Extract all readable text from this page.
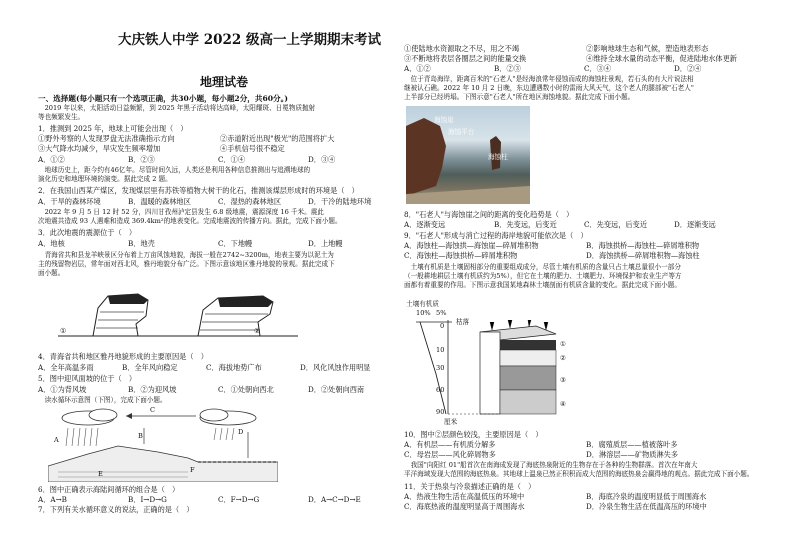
大庆铁人中学 2022 级高一上学期期末考试
地理试卷
一、选择题(每小题只有一个选项正确，共30小题，每小题2分，共60分。)
　2019 年以来，太阳活动日益频繁，到 2025 年黑子活动将达高峰，太阳耀斑、日冕物质抛射
等也频繁发生。
1．推测到 2025 年，地球上可能会出现（　）
①野外考察的人发现罗盘无法准确指示方向	②赤道附近出现"极光"的范围将扩大
③大气降水均减少，旱灾发生频率增加	④手机信号很不稳定
A．①②	B．②③	C．①④	D．③④
　地球历史上，距今约有46亿年。尽管时间久远，人类还是利用各种信息推测出与追溯地球的
演化历史和地理环境的演变。据此完成 2 题。
2．在我国山西某产煤区，发现煤层里有苏铁等植物大树干的化石，推测该煤层形成时的环境是（　）
A．干旱的森林环境	B．温暖的森林地区	C．湿热的森林地区	D．干冷的陆地环境
　2022 年 9 月 5 日 12 时 52 分，四川甘孜州泸定县发生 6.8 级地震，震源深度 16 千米。震此
次地震共造成 93 人遇难和造成 369.4km²的地表变化。完成地震波的传播方向。据此，完成下面小题。
3．此次地震的震源位于（　）
A．地核	B．地壳	C．下地幔	D．上地幔
　青海省共和县龙羊峡景区分布着上万亩风蚀地貌，海拔一般在2742~3200m，地表主要为以泥土为
主的残留物岩层，常年面对西北风，雅丹地貌分布广泛。下图示意该地区雅丹地貌的景观。据此完成下
面小题。
①	②
4．青海省共和地区雅丹地貌形成的主要原因是（　）
A．全年高温多雨	B．全年风向稳定	C．海拔地势广布	D．风化风蚀作用明显
5．图中迎风面坡的位于（　）
A．①为背风坡	B．②为迎风坡	C．①处朝向西北	D．②处朝向西南
　读水循环示意图（下图），完成下面小题。
C
A	B	D
E	F
6．图中正确表示海陆间循环的组合是（　）
A．A→B	B．I→D→G	C．F→D→G	D．A→C→D→E
7．下列有关水循环意义的说法，正确的是（　）
①使陆地水资源取之不尽，用之不竭	②影响地球生态和气候，塑造地表形态
③不断地将表层各圈层之间的能量交换	④维持全球水量的动态平衡，促进陆地水体更新
A．①②	B．②③	C．③④	D．②④
　位于青岛海岸，距离百米的"石老人"是经海浪常年侵蚀而成的海蚀柱景观，若石头的有大片说法相
继被认石礁。2022 年 10 月 2 日晚，东边遭遇数小时的雷雨大风天气，这个老人的腿部被"石老人"
上半部分已经坍塌。下图示意"石老人"所在地区海蚀地貌。据此完成下面小题。
海蚀崖
海蚀平台
海蚀柱
8．"石老人"与海蚀崖之间的距离的变化趋势是（　）
A．逐渐变远	B．先变远，后变近	C．先变远，后变近	D．逐渐变远
9．"石老人"形成与消亡过程的海岸地貌可能依次是（　）
A．海蚀柱—海蚀拱—海蚀崖—碎屑堆积物	B．海蚀拱桥—海蚀柱—碎屑堆积物
C．海蚀柱—海蚀拱桥—碎屑堆积物	D．海蚀拱桥—碎屑堆积物—海蚀柱
　土壤有机质是土壤固相部分的重要组成成分，尽管土壤有机质的含量只占土壤总量很小一部分
（一般耕地耕层土壤有机质约为5%），但它在土壤的肥力、土壤肥力、环境保护和农业生产等方
面都有着重要的作用。下图示意我国某地森林土壤剖面有机质含量的变化。据此完成下面小题。
土壤有机质
10% 5%
枯落
0
10
30
60
90
厘米
①
②
③
④
10．图中②层颜色较浅，主要原因是（　）
A．有机层——有机质分解多	B．腐殖质层——植被落叶多
C．母岩层——风化碎屑物多	D．淋溶层——矿物质淋失多
　我国"向阳红 01"船首次在南海成发现了海底热泉附近的生物存在于各种的生物群落。首次在年南大
平洋海域发现大范围的海底热泉。其地球上温泉已然正积积而成大范围的海底热泉会赢得地的观点。据此完成下面小题。
11．关于热泉与冷泉描述正确的是（　）
A．热液生物生活在高温低压的环境中	B．海底冷泉的温度明显低于周围海水
C．海底热液的温度明显高于周围海水	D．冷泉生物生活在低温高压的环境中
